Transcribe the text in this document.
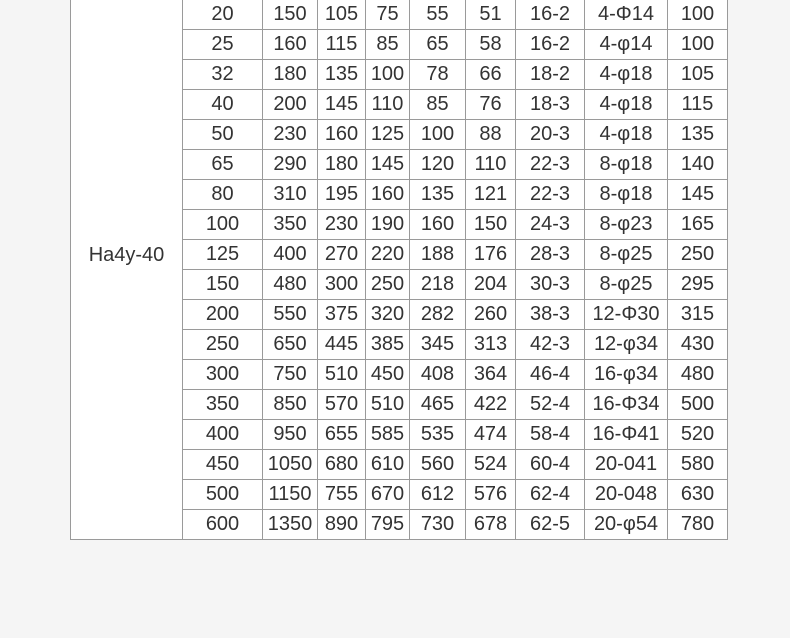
Ha4y-40	20	150	105	75	55	51	16-2	4-Φ14	100
	25	160	115	85	65	58	16-2	4-φ14	100
	32	180	135	100	78	66	18-2	4-φ18	105
	40	200	145	110	85	76	18-3	4-φ18	115
	50	230	160	125	100	88	20-3	4-φ18	135
	65	290	180	145	120	110	22-3	8-φ18	140
	80	310	195	160	135	121	22-3	8-φ18	145
	100	350	230	190	160	150	24-3	8-φ23	165
	125	400	270	220	188	176	28-3	8-φ25	250
	150	480	300	250	218	204	30-3	8-φ25	295
	200	550	375	320	282	260	38-3	12-Φ30	315
	250	650	445	385	345	313	42-3	12-φ34	430
	300	750	510	450	408	364	46-4	16-φ34	480
	350	850	570	510	465	422	52-4	16-Φ34	500
	400	950	655	585	535	474	58-4	16-Φ41	520
	450	1050	680	610	560	524	60-4	20-041	580
	500	1150	755	670	612	576	62-4	20-048	630
	600	1350	890	795	730	678	62-5	20-φ54	780
